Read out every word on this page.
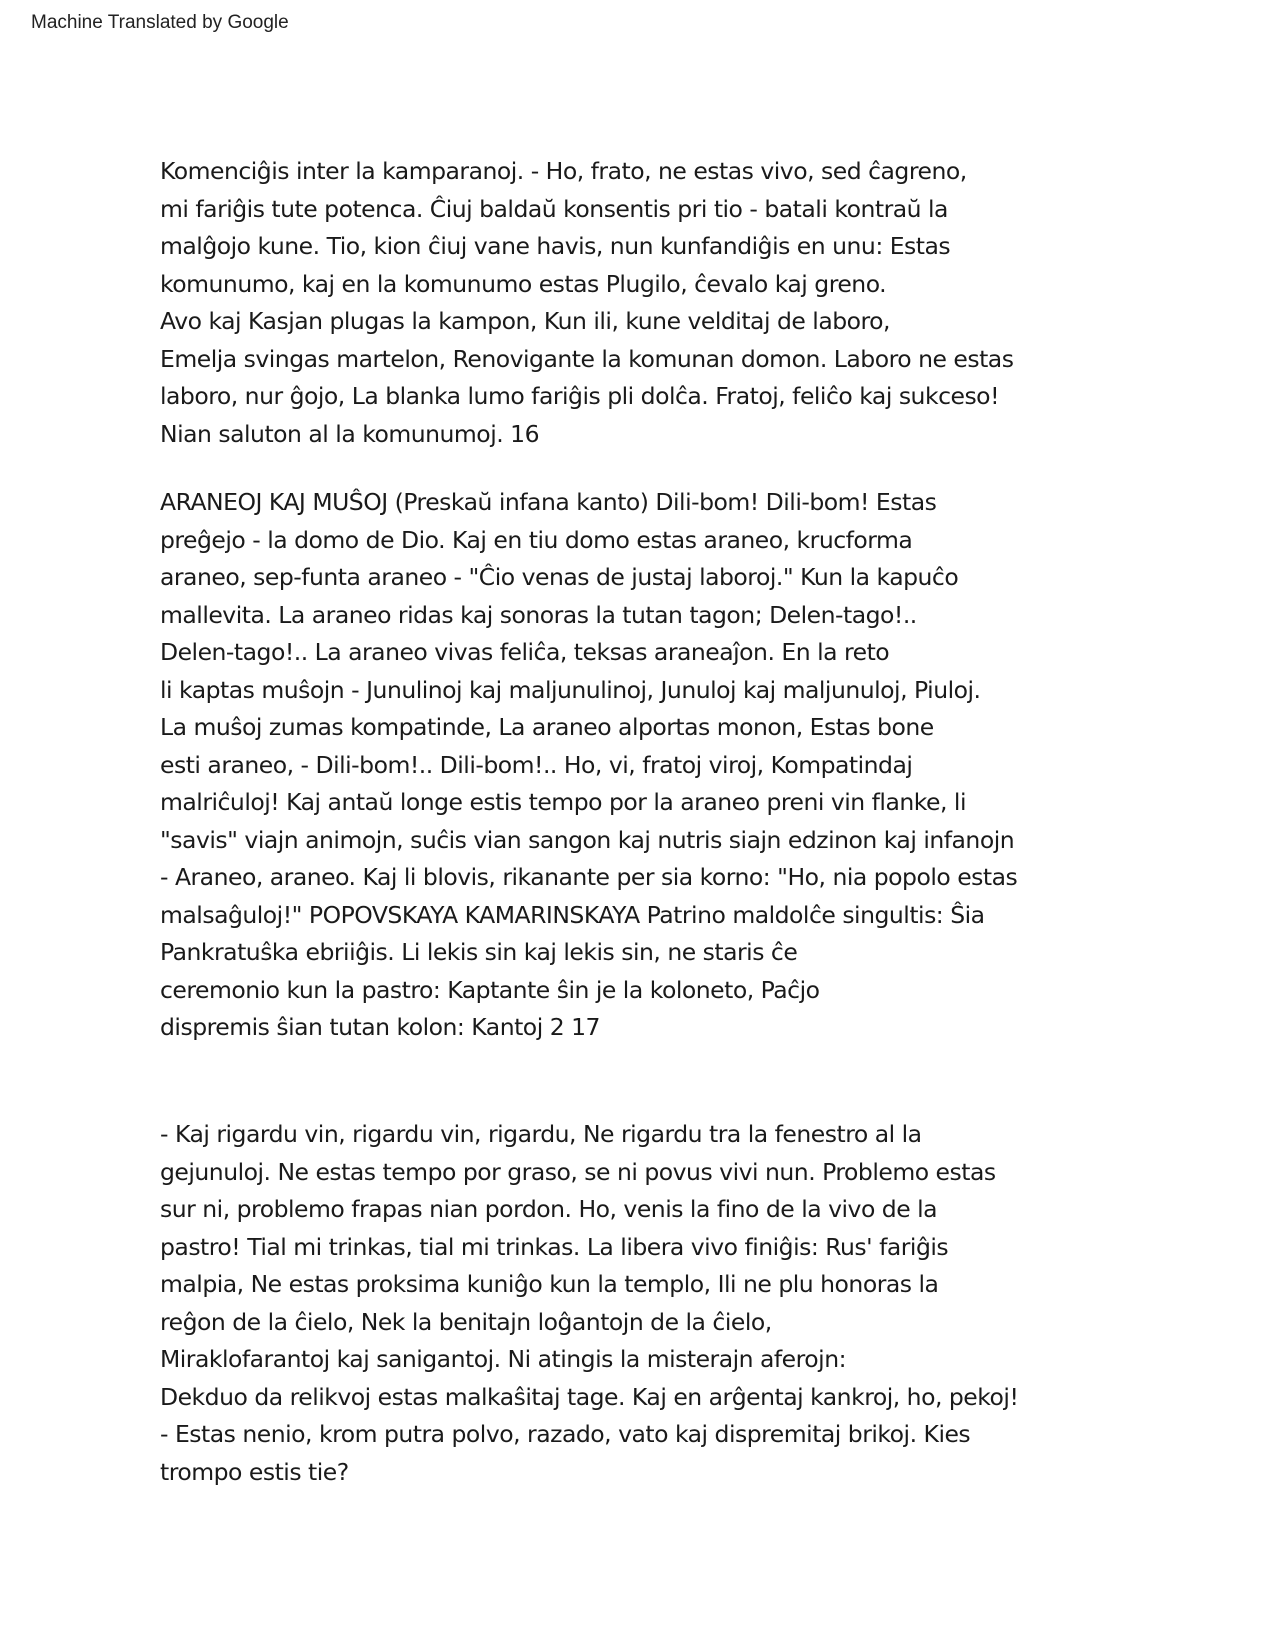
Machine Translated by Google
Komenciĝis inter la kamparanoj. - Ho, frato, ne estas vivo, sed ĉagreno,
mi fariĝis tute potenca. Ĉiuj baldaŭ konsentis pri tio - batali kontraŭ la
malĝojo kune. Tio, kion ĉiuj vane havis, nun kunfandiĝis en unu: Estas
komunumo, kaj en la komunumo estas Plugilo, ĉevalo kaj greno.
Avo kaj Kasjan plugas la kampon, Kun ili, kune velditaj de laboro,
Emelja svingas martelon, Renovigante la komunan domon. Laboro ne estas
laboro, nur ĝojo, La blanka lumo fariĝis pli dolĉa. Fratoj, feliĉo kaj sukceso!
Nian saluton al la komunumoj. 16
ARANEOJ KAJ MUŜOJ (Preskaŭ infana kanto) Dili-bom! Dili-bom! Estas
preĝejo - la domo de Dio. Kaj en tiu domo estas araneo, krucforma
araneo, sep-funta araneo - "Ĉio venas de justaj laboroj." Kun la kapuĉo
mallevita. La araneo ridas kaj sonoras la tutan tagon; Delen-tago!..
Delen-tago!.. La araneo vivas feliĉa, teksas araneaĵon. En la reto
li kaptas muŝojn - Junulinoj kaj maljunulinoj, Junuloj kaj maljunuloj, Piuloj.
La muŝoj zumas kompatinde, La araneo alportas monon, Estas bone
esti araneo, - Dili-bom!.. Dili-bom!.. Ho, vi, fratoj viroj, Kompatindaj
malriĉuloj! Kaj antaŭ longe estis tempo por la araneo preni vin flanke, li
"savis" viajn animojn, suĉis vian sangon kaj nutris siajn edzinon kaj infanojn
- Araneo, araneo. Kaj li blovis, rikanante per sia korno: "Ho, nia popolo estas
malsaĝuloj!" POPOVSKAYA KAMARINSKAYA Patrino maldolĉe singultis: Ŝia
Pankratuŝka ebriiĝis. Li lekis sin kaj lekis sin, ne staris ĉe
ceremonio kun la pastro: Kaptante ŝin je la koloneto, Paĉjo
dispremis ŝian tutan kolon: Kantoj 2 17
- Kaj rigardu vin, rigardu vin, rigardu, Ne rigardu tra la fenestro al la
gejunuloj. Ne estas tempo por graso, se ni povus vivi nun. Problemo estas
sur ni, problemo frapas nian pordon. Ho, venis la fino de la vivo de la
pastro! Tial mi trinkas, tial mi trinkas. La libera vivo finiĝis: Rus' fariĝis
malpia, Ne estas proksima kuniĝo kun la templo, Ili ne plu honoras la
reĝon de la ĉielo, Nek la benitajn loĝantojn de la ĉielo,
Miraklofarantoj kaj sanigantoj. Ni atingis la misterajn aferojn:
Dekduo da relikvoj estas malkaŝitaj tage. Kaj en arĝentaj kankroj, ho, pekoj!
- Estas nenio, krom putra polvo, razado, vato kaj dispremitaj brikoj. Kies
trompo estis tie?
